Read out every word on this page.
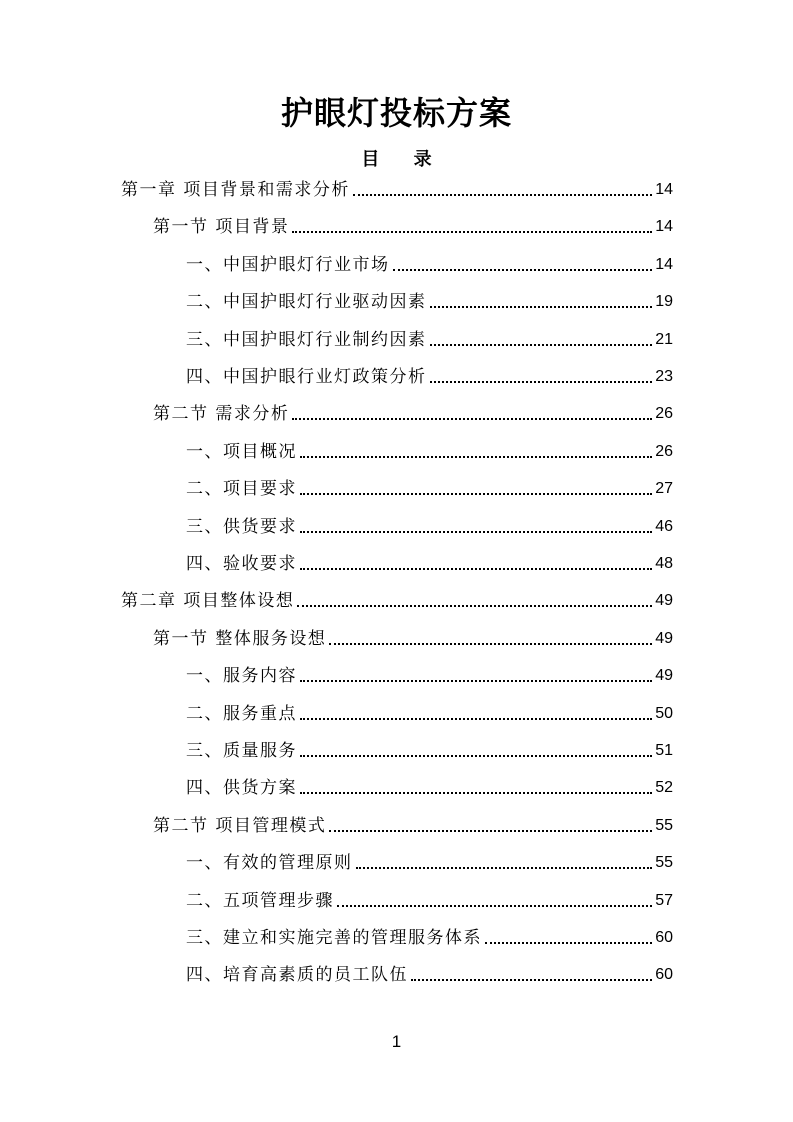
护眼灯投标方案
目 录
第一章 项目背景和需求分析	14
第一节 项目背景	14
一、中国护眼灯行业市场	14
二、中国护眼灯行业驱动因素	19
三、中国护眼灯行业制约因素	21
四、中国护眼行业灯政策分析	23
第二节 需求分析	26
一、项目概况	26
二、项目要求	27
三、供货要求	46
四、验收要求	48
第二章 项目整体设想	49
第一节 整体服务设想	49
一、服务内容	49
二、服务重点	50
三、质量服务	51
四、供货方案	52
第二节 项目管理模式	55
一、有效的管理原则	55
二、五项管理步骤	57
三、建立和实施完善的管理服务体系	60
四、培育高素质的员工队伍	60
1
